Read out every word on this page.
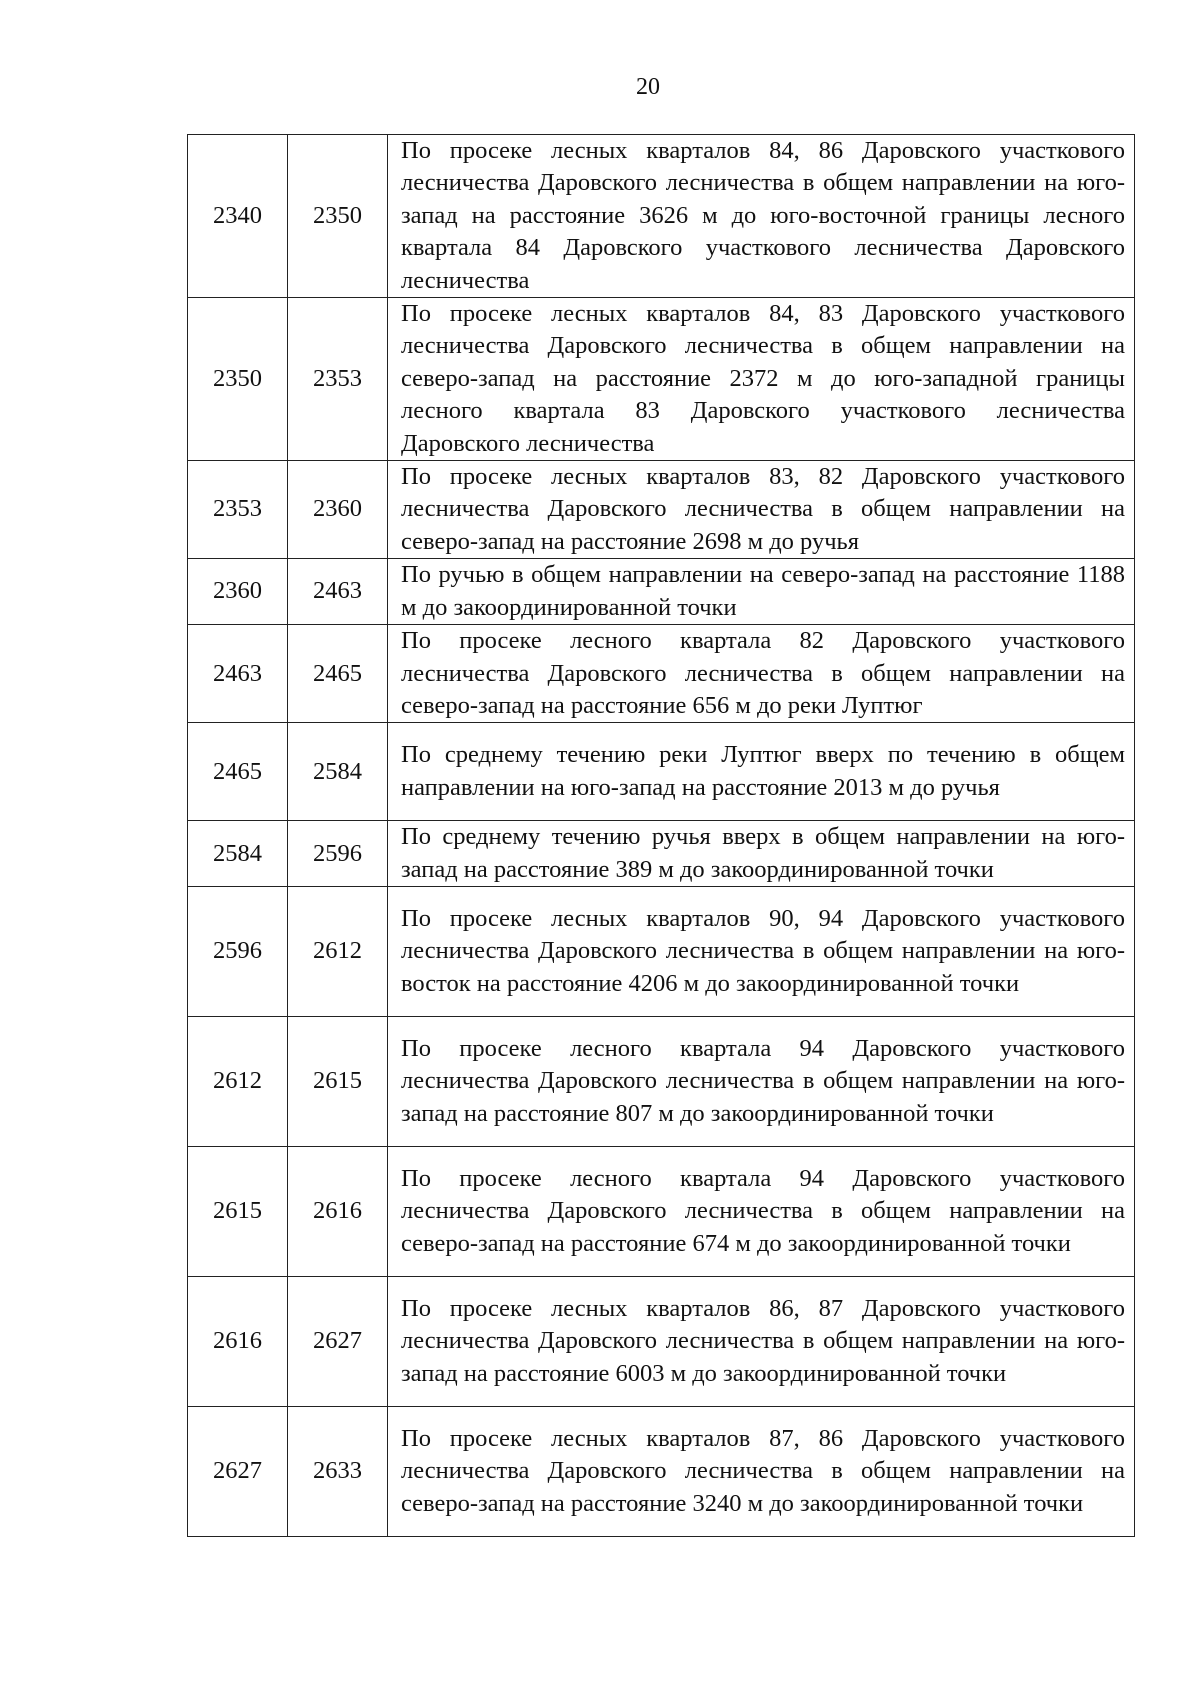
20
2340	2350	По просеке лесных кварталов 84, 86 Даровского участкового лесничества Даровского лесничества в общем направлении на юго-запад на расстояние 3626 м до юго-восточной границы лесного квартала 84 Даровского участкового лесничества Даровского лесничества
2350	2353	По просеке лесных кварталов 84, 83 Даровского участкового лесничества Даровского лесничества в общем направлении на северо-запад на расстояние 2372 м до юго-западной границы лесного квартала 83 Даровского участкового лесничества Даровского лесничества
2353	2360	По просеке лесных кварталов 83, 82 Даровского участкового лесничества Даровского лесничества в общем направлении на северо-запад на расстояние 2698 м до ручья
2360	2463	По ручью в общем направлении на северо-запад на расстояние 1188 м до закоординированной точки
2463	2465	По просеке лесного квартала 82 Даровского участкового лесничества Даровского лесничества в общем направлении на северо-запад на расстояние 656 м до реки Луптюг
2465	2584	По среднему течению реки Луптюг вверх по течению в общем направлении на юго-запад на расстояние 2013 м до ручья
2584	2596	По среднему течению ручья вверх в общем направлении на юго-запад на расстояние 389 м до закоординированной точки
2596	2612	По просеке лесных кварталов 90, 94 Даровского участкового лесничества Даровского лесничества в общем направлении на юго-восток на расстояние 4206 м до закоординированной точки
2612	2615	По просеке лесного квартала 94 Даровского участкового лесничества Даровского лесничества в общем направлении на юго-запад на расстояние 807 м до закоординированной точки
2615	2616	По просеке лесного квартала 94 Даровского участкового лесничества Даровского лесничества в общем направлении на северо-запад на расстояние 674 м до закоординированной точки
2616	2627	По просеке лесных кварталов 86, 87 Даровского участкового лесничества Даровского лесничества в общем направлении на юго-запад на расстояние 6003 м до закоординированной точки
2627	2633	По просеке лесных кварталов 87, 86 Даровского участкового лесничества Даровского лесничества в общем направлении на северо-запад на расстояние 3240 м до закоординированной точки
